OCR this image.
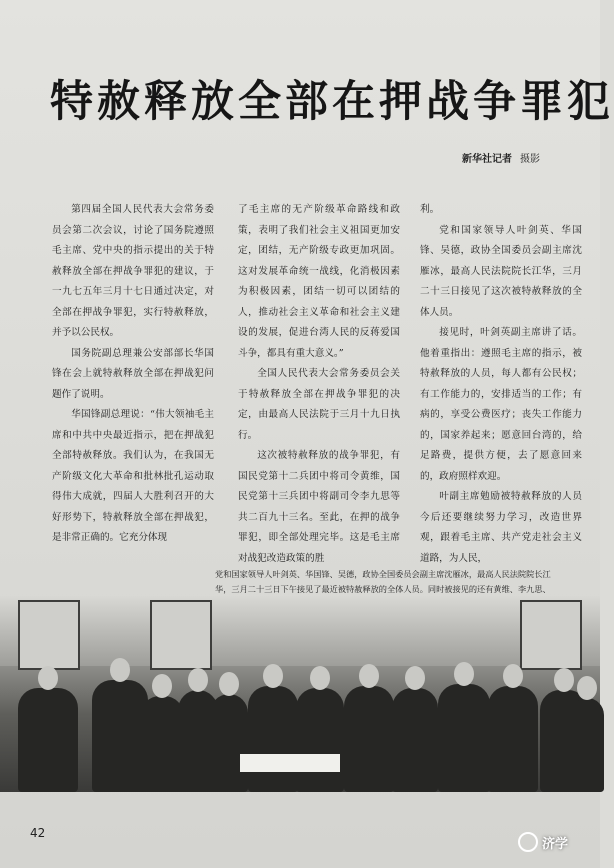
特赦释放全部在押战争罪犯
新华社记者 摄影

第四届全国人民代表大会常务委员会第二次会议，讨论了国务院遵照毛主席、党中央的指示提出的关于特赦释放全部在押战争罪犯的建议，于一九七五年三月十七日通过决定，对全部在押战争罪犯，实行特赦释放，并予以公民权。

国务院副总理兼公安部部长华国锋在会上就特赦释放全部在押战犯问题作了说明。

华国锋副总理说：“伟大领袖毛主席和中共中央最近指示，把在押战犯全部特赦释放。我们认为，在我国无产阶级文化大革命和批林批孔运动取得伟大成就，四届人大胜利召开的大好形势下，特赦释放全部在押战犯，是非常正确的。它充分体现

了毛主席的无产阶级革命路线和政策，表明了我们社会主义祖国更加安定，团结，无产阶级专政更加巩固。这对发展革命统一战线，化消极因素为积极因素，团结一切可以团结的人，推动社会主义革命和社会主义建设的发展，促进台湾人民的反蒋爱国斗争，都具有重大意义。”

全国人民代表大会常务委员会关于特赦释放全部在押战争罪犯的决定，由最高人民法院于三月十九日执行。

这次被特赦释放的战争罪犯，有国民党第十二兵团中将司令黄维，国民党第十三兵团中将副司令李九思等共二百九十三名。至此，在押的战争罪犯，即全部处理完毕。这是毛主席对战犯改造政策的胜

利。

党和国家领导人叶剑英、华国锋、吴德，政协全国委员会副主席沈雁冰，最高人民法院院长江华，三月二十三日接见了这次被特赦释放的全体人员。

接见时，叶剑英副主席讲了话。他着重指出：遵照毛主席的指示，被特赦释放的人员，每人都有公民权；有工作能力的，安排适当的工作；有病的，享受公费医疗；丧失工作能力的，国家养起来；愿意回台湾的，给足路费，提供方便，去了愿意回来的，政府照样欢迎。

叶副主席勉励被特赦释放的人员今后还要继续努力学习，改造世界观，跟着毛主席、共产党走社会主义道路，为人民，

党和国家领导人叶剑英、华国锋、吴德，政协全国委员会副主席沈雁冰，最高人民法院院长江华，三月二十三日下午接见了最近被特赦释放的全体人员。同时被接见的还有黄维、李九思、
42
济学
